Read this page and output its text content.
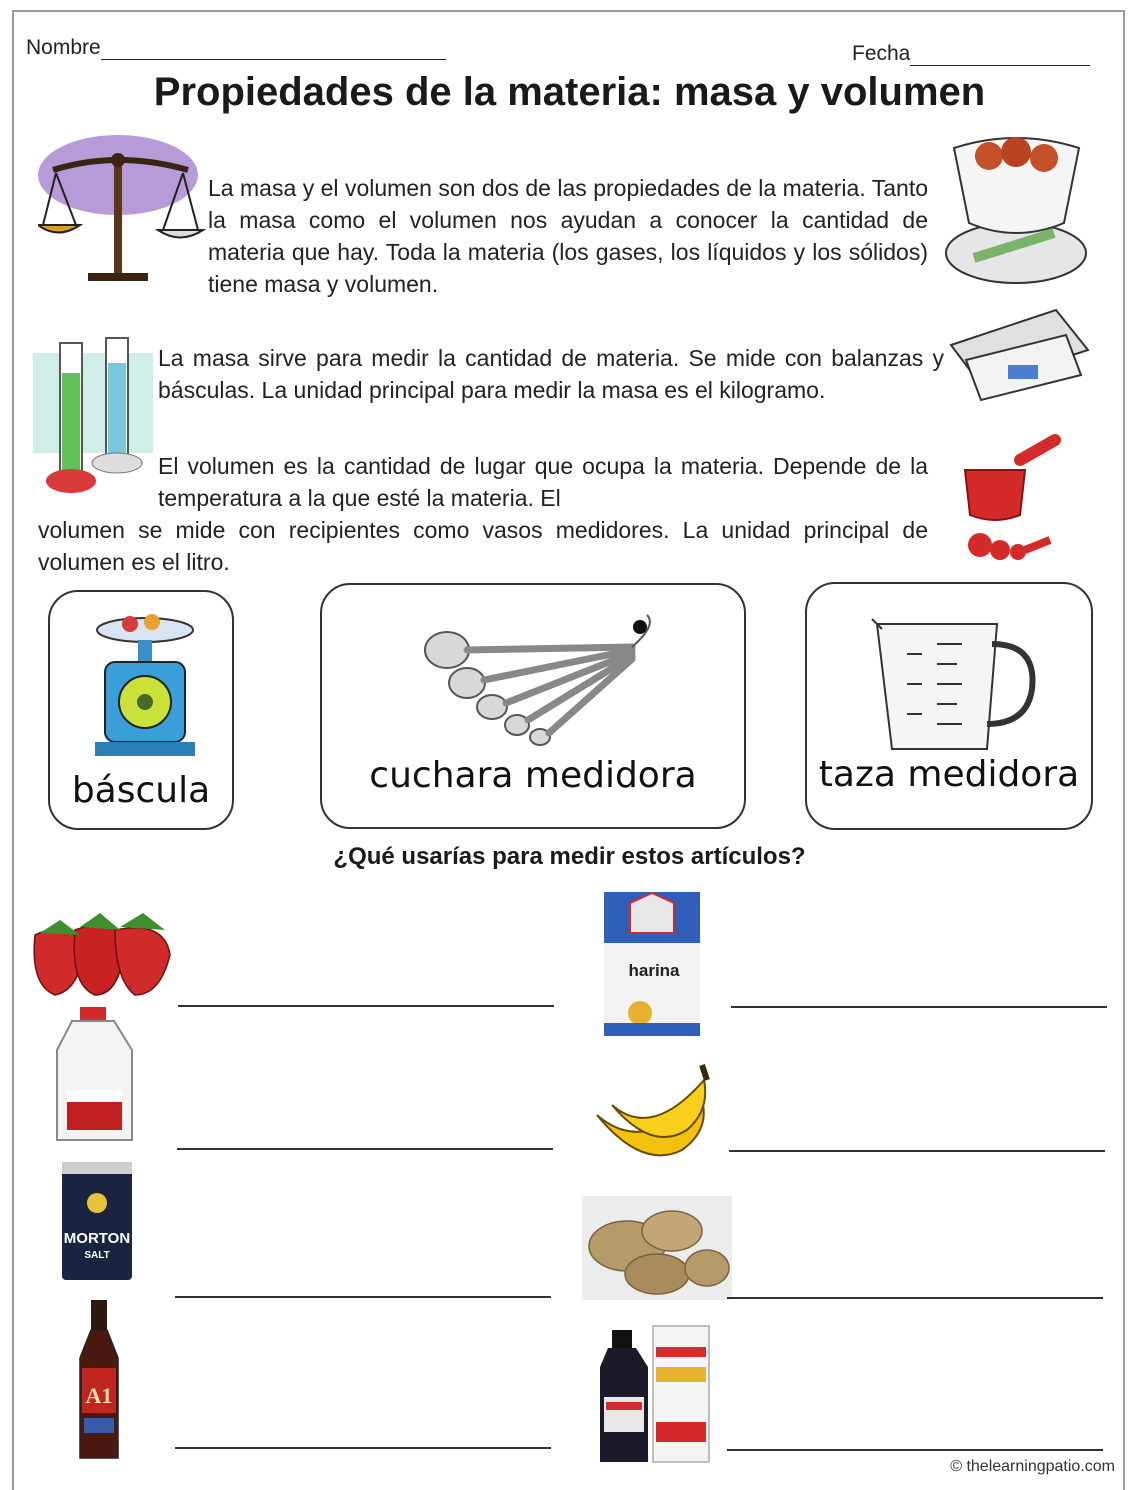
Nombre	Fecha
Propiedades de la materia: masa y volumen
La masa y el volumen son dos de las propiedades de la materia. Tanto la masa como el volumen nos ayudan a conocer la cantidad de materia que hay. Toda la materia (los gases, los líquidos y los sólidos) tiene masa y volumen.
La masa sirve para medir la cantidad de materia. Se mide con balanzas y básculas. La unidad principal para medir la masa es el kilogramo.
El volumen es la cantidad de lugar que ocupa la materia. Depende de la temperatura a la que esté la materia. El
volumen se mide con recipientes como vasos medidores. La unidad principal de volumen es el litro.
báscula	cuchara medidora	taza medidora
¿Qué usarías para medir estos artículos?
MORTON
SALT
A1
harina
© thelearningpatio.com
